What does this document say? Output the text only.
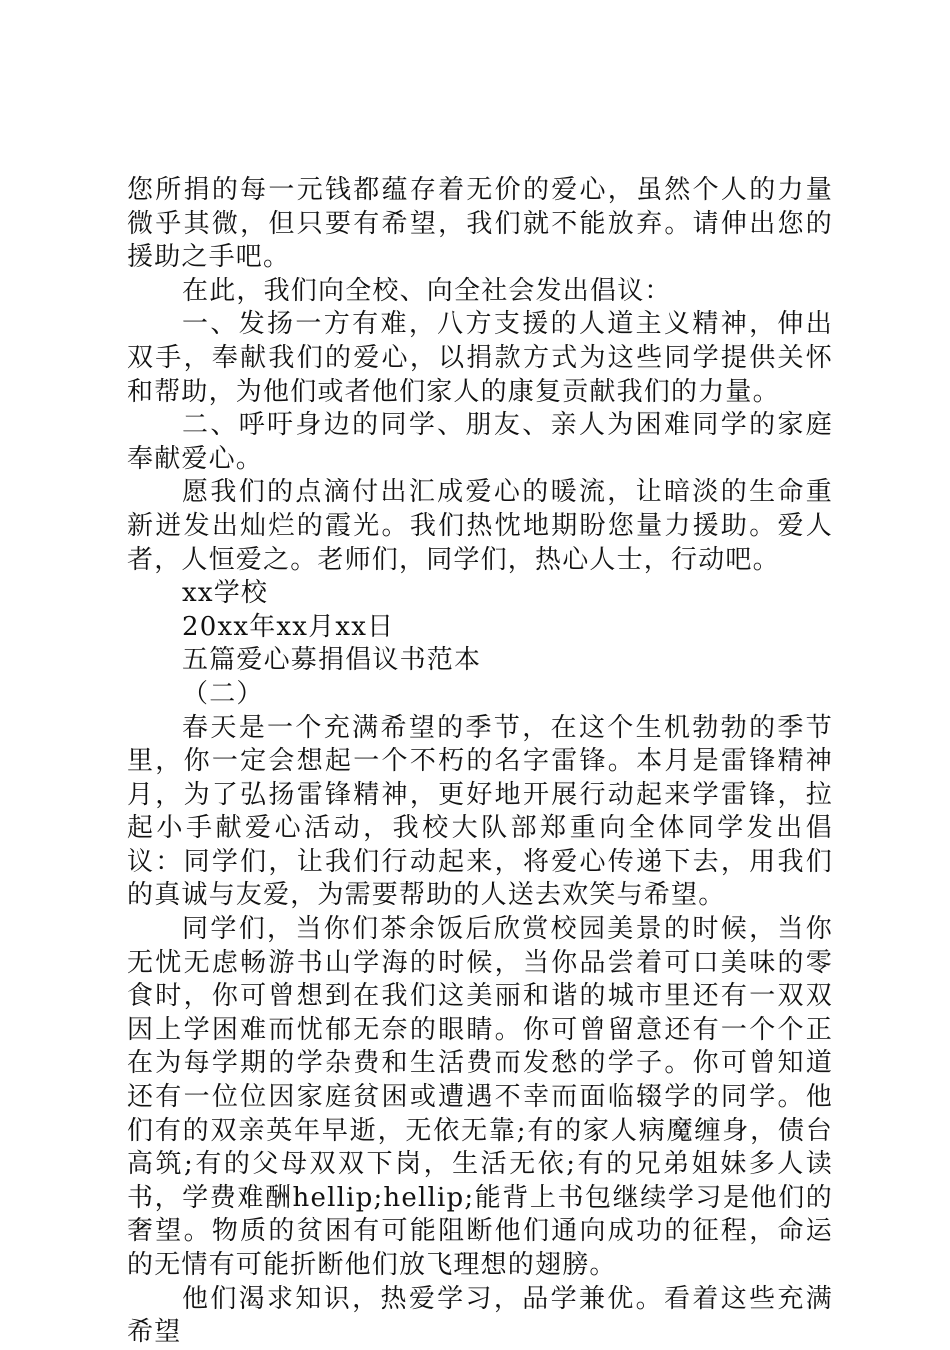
您所捐的每一元钱都蕴存着无价的爱心，虽然个人的力量微乎其微，但只要有希望，我们就不能放弃。请伸出您的援助之手吧。

在此，我们向全校、向全社会发出倡议：

一、发扬一方有难，八方支援的人道主义精神，伸出双手，奉献我们的爱心，以捐款方式为这些同学提供关怀和帮助，为他们或者他们家人的康复贡献我们的力量。

二、呼吁身边的同学、朋友、亲人为困难同学的家庭奉献爱心。

愿我们的点滴付出汇成爱心的暖流，让暗淡的生命重新迸发出灿烂的霞光。我们热忱地期盼您量力援助。爱人者，人恒爱之。老师们，同学们，热心人士，行动吧。

xx学校

20xx年xx月xx日

五篇爱心募捐倡议书范本

（二）

春天是一个充满希望的季节，在这个生机勃勃的季节里，你一定会想起一个不朽的名字雷锋。本月是雷锋精神月，为了弘扬雷锋精神，更好地开展行动起来学雷锋，拉起小手献爱心活动，我校大队部郑重向全体同学发出倡议：同学们，让我们行动起来，将爱心传递下去，用我们的真诚与友爱，为需要帮助的人送去欢笑与希望。

同学们，当你们茶余饭后欣赏校园美景的时候，当你无忧无虑畅游书山学海的时候，当你品尝着可口美味的零食时，你可曾想到在我们这美丽和谐的城市里还有一双双因上学困难而忧郁无奈的眼睛。你可曾留意还有一个个正在为每学期的学杂费和生活费而发愁的学子。你可曾知道还有一位位因家庭贫困或遭遇不幸而面临辍学的同学。他们有的双亲英年早逝，无依无靠;有的家人病魔缠身，债台高筑;有的父母双双下岗，生活无依;有的兄弟姐妹多人读书，学费难酬hellip;hellip;能背上书包继续学习是他们的奢望。物质的贫困有可能阻断他们通向成功的征程，命运的无情有可能折断他们放飞理想的翅膀。

他们渴求知识，热爱学习，品学兼优。看着这些充满希望
